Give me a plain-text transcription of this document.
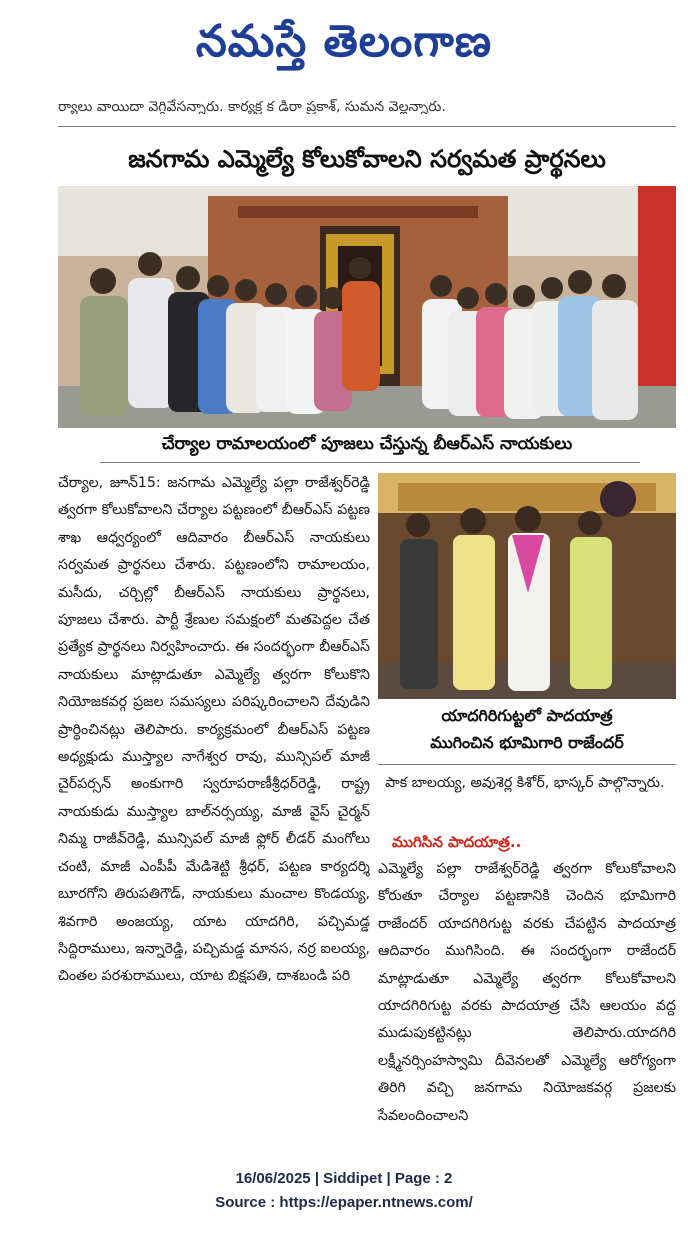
నమస్తే తెలంగాణ
ర్యాలు వాయిదా వెగ్గివేసన్నారు. కార్యక్ర క డిరా ప్రకాశ్, సుమన వెల్లన్నారు.
జనగామ ఎమ్మెల్యే కోలుకోవాలని సర్వమత ప్రార్థనలు
చేర్యాల రామాలయంలో పూజలు చేస్తున్న బీఆర్ఎస్ నాయకులు
చేర్యాల, జూన్15: జనగామ ఎమ్మెల్యే పల్లా రాజేశ్వర్‌రెడ్డి త్వరగా కోలుకోవాలని చేర్యాల పట్టణంలో బీఆర్ఎస్ పట్టణ శాఖ ఆధ్వర్యంలో ఆదివారం బీఆర్ఎస్ నాయకులు సర్వమత ప్రార్థనలు చేశారు. పట్టణంలోని రామాలయం, మసీదు, చర్చిల్లో బీఆర్ఎస్ నాయకులు ప్రార్థనలు, పూజలు చేశారు. పార్టీ శ్రేణుల సమక్షంలో మతపెద్దల చేత ప్రత్యేక ప్రార్థనలు నిర్వహించారు. ఈ సందర్భంగా బీఆర్ఎస్ నాయకులు మాట్లాడుతూ ఎమ్మెల్యే త్వరగా కోలుకొని నియోజకవర్గ ప్రజల సమస్యలు పరిష్కరించాలని దేవుడిని ప్రార్థించినట్లు తెలిపారు. కార్యక్రమంలో బీఆర్ఎస్ పట్టణ అధ్యక్షుడు ముస్త్యాల నాగేశ్వర రావు, మున్సిపల్ మాజీ చైర్‌పర్సన్ అంకుగారి స్వరూపరాణీశ్రీధర్‌రెడ్డి, రాష్ట్ర నాయకుడు ముస్త్యాల బాల్‌నర్సయ్య, మాజీ వైస్ చైర్మన్ నిమ్మ రాజీవ్‌రెడ్డి, మున్సిపల్ మాజీ ఫ్లోర్ లీడర్ మంగోలు చంటి, మాజీ ఎంపీపీ మేడిశెట్టి శ్రీధర్, పట్టణ కార్యదర్శి బూరగోని తిరుపతిగౌడ్, నాయకులు మంచాల కొండయ్య, శివగారి అంజయ్య, యాట యాదగిరి, పచ్చిమడ్డ సిద్దిరాములు, ఇన్నారెడ్డి, పచ్చిమడ్డ మానస, నర్ర ఐలయ్య, చింతల పరశురాములు, యాట బిక్షపతి, దాశబండి పరి
యాదగిరిగుట్టలో పాదయాత్ర
ముగించిన భూమిగారి రాజేందర్
పాక బాలయ్య, అవుశెర్ల కిశోర్, భాస్కర్ పాల్గొన్నారు.
ముగిసిన పాదయాత్ర..
ఎమ్మెల్యే పల్లా రాజేశ్వర్‌రెడ్డి త్వరగా కోలుకోవాలని కోరుతూ చేర్యాల పట్టణానికి చెందిన భూమిగారి రాజేందర్ యాదగిరిగుట్ట వరకు చేపట్టిన పాదయాత్ర ఆదివారం ముగిసింది. ఈ సందర్భంగా రాజేందర్ మాట్లాడుతూ ఎమ్మెల్యే త్వరగా కోలుకోవాలని యాదగిరిగుట్ట వరకు పాదయాత్ర చేసి ఆలయం వద్ద ముడుపుకట్టినట్లు తెలిపారు.యాదగిరి లక్ష్మీనర్సింహస్వామి దీవెనలతో ఎమ్మెల్యే ఆరోగ్యంగా తిరిగి వచ్చి జనగామ నియోజకవర్గ ప్రజలకు సేవలందించాలని
16/06/2025 | Siddipet | Page : 2
Source : https://epaper.ntnews.com/
